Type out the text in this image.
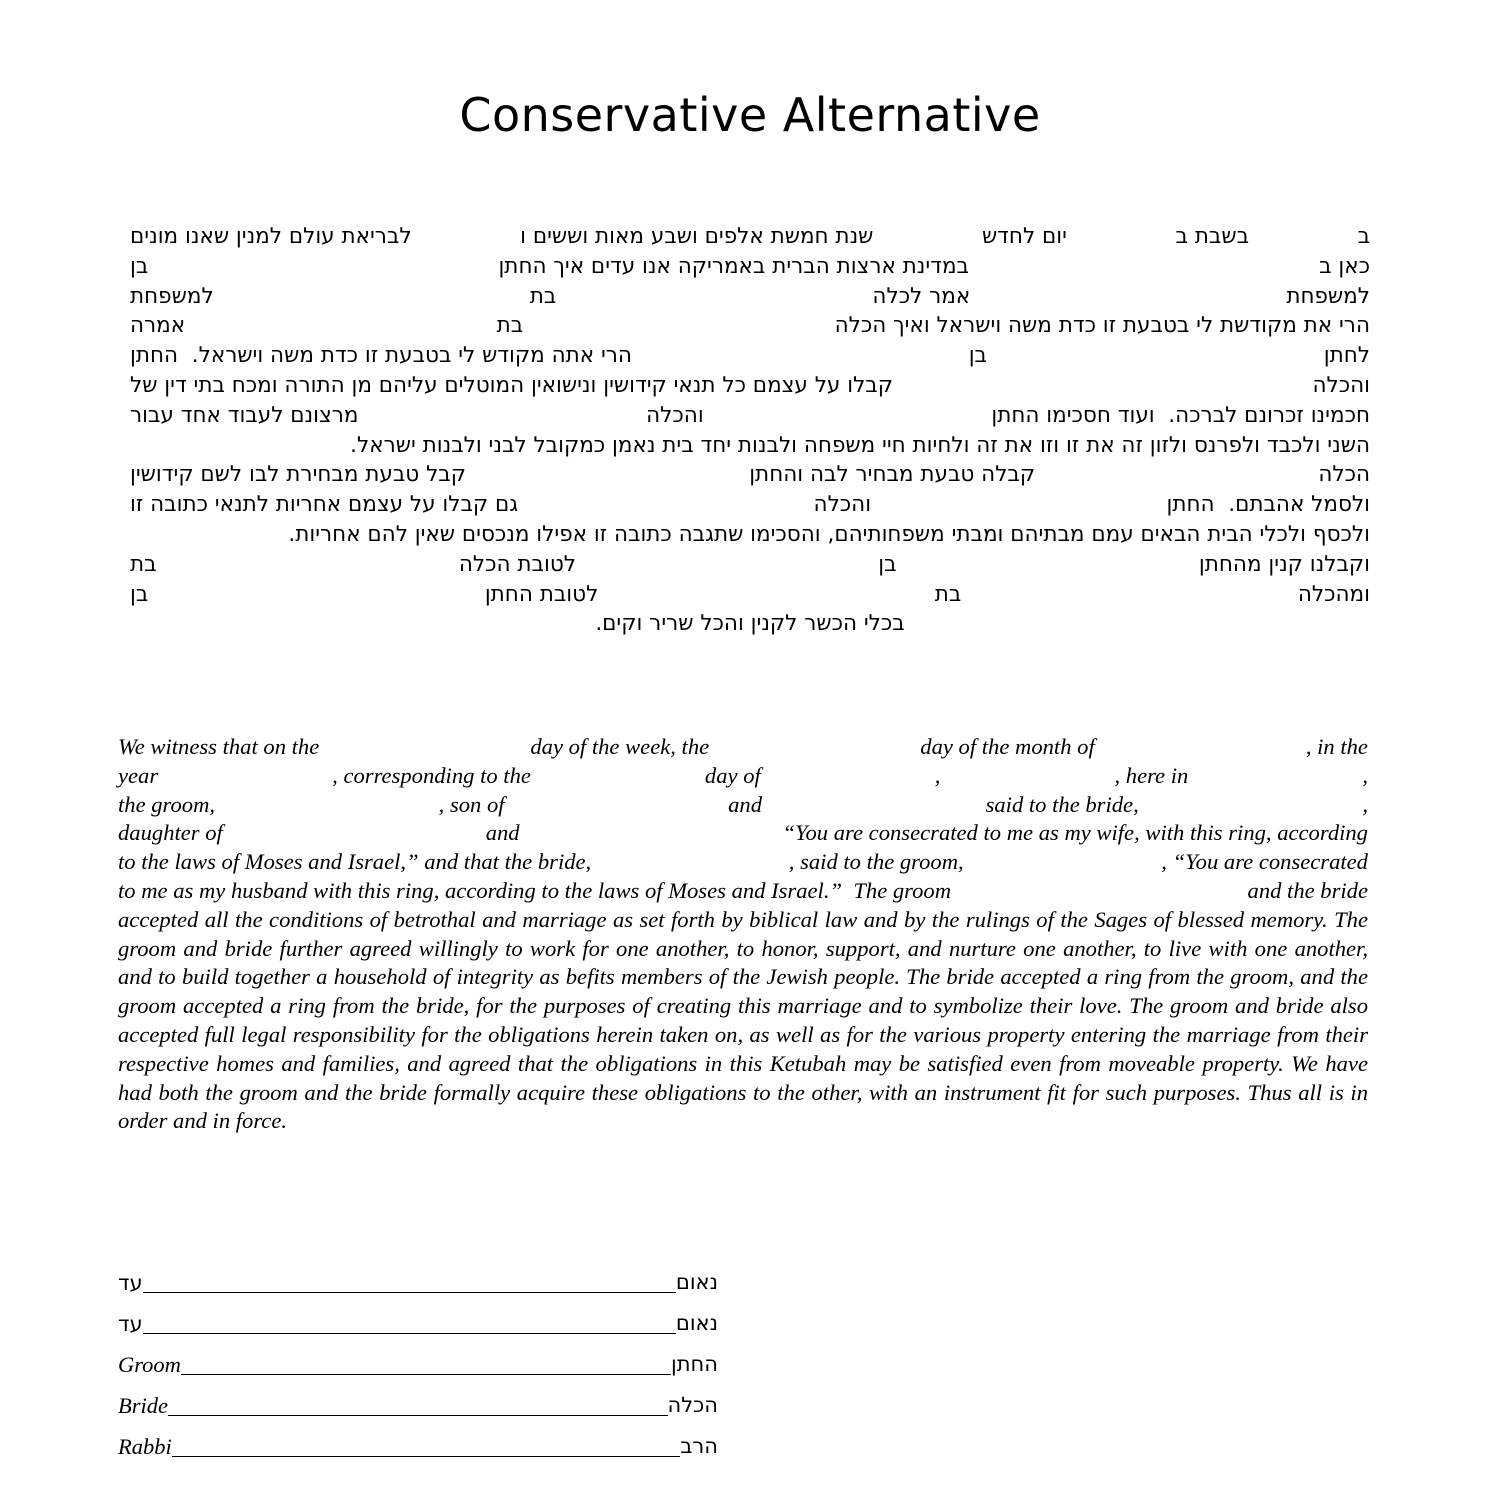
Conservative Alternative
ב
בשבת ב
יום לחדש
שנת חמשת אלפים ושבע מאות וששים ו
לבריאת עולם למנין שאנו מונים
כאן ב
במדינת ארצות הברית באמריקה אנו עדים איך החתן
בן
למשפחת
אמר לכלה
בת
למשפחת
הרי את מקודשת לי בטבעת זו כדת משה וישראל ואיך הכלה
בת
אמרה
לחתן
בן
הרי אתה מקודש לי בטבעת זו כדת משה וישראל.  החתן
והכלה
קבלו על עצמם כל תנאי קידושין ונישואין המוטלים עליהם מן התורה ומכח בתי דין של
חכמינו זכרונם לברכה.  ועוד חסכימו החתן
והכלה
מרצונם לעבוד אחד עבור
השני ולכבד ולפרנס ולזון זה את זו וזו את זה ולחיות חיי משפחה ולבנות יחד בית נאמן כמקובל לבני ולבנות ישראל.
הכלה
קבלה טבעת מבחיר לבה והחתן
קבל טבעת מבחירת לבו לשם קידושין
ולסמל אהבתם.  החתן
והכלה
גם קבלו על עצמם אחריות לתנאי כתובה זו
ולכסף ולכלי הבית הבאים עמם מבתיהם ומבתי משפחותיהם, והסכימו שתגבה כתובה זו אפילו מנכסים שאין להם אחריות.
וקבלנו קנין מהחתן
בן
לטובת הכלה
בת
ומהכלה
בת
לטובת החתן
בן
בכלי הכשר לקנין והכל שריר וקים.
We witness that on the	day of the week, the	day of the month of	, in the
year	, corresponding to the	day of	,	, here in	,
the groom,	, son of	and	said to the bride,	,
daughter of	and	“You are consecrated to me as my wife, with this ring, according
to the laws of Moses and Israel,” and that the bride,	, said to the groom,	, “You are consecrated
to me as my husband with this ring, according to the laws of Moses and Israel.”  The groom	and the bride
accepted all the conditions of betrothal and marriage as set forth by biblical law and by the rulings of the Sages of blessed memory. The groom and bride further agreed willingly to work for one another, to honor, support, and nurture one another, to live with one another, and to build together a household of integrity as befits members of the Jewish people. The bride accepted a ring from the groom, and the groom accepted a ring from the bride, for the purposes of creating this marriage and to symbolize their love. The groom and bride also accepted full legal responsibility for the obligations herein taken on, as well as for the various property entering the marriage from their respective homes and families, and agreed that the obligations in this Ketubah may be satisfied even from moveable property. We have had both the groom and the bride formally acquire these obligations to the other, with an instrument fit for such purposes. Thus all is in order and in force.
עד	נאום
עד	נאום
Groom	החתן
Bride	הכלה
Rabbi	הרב
